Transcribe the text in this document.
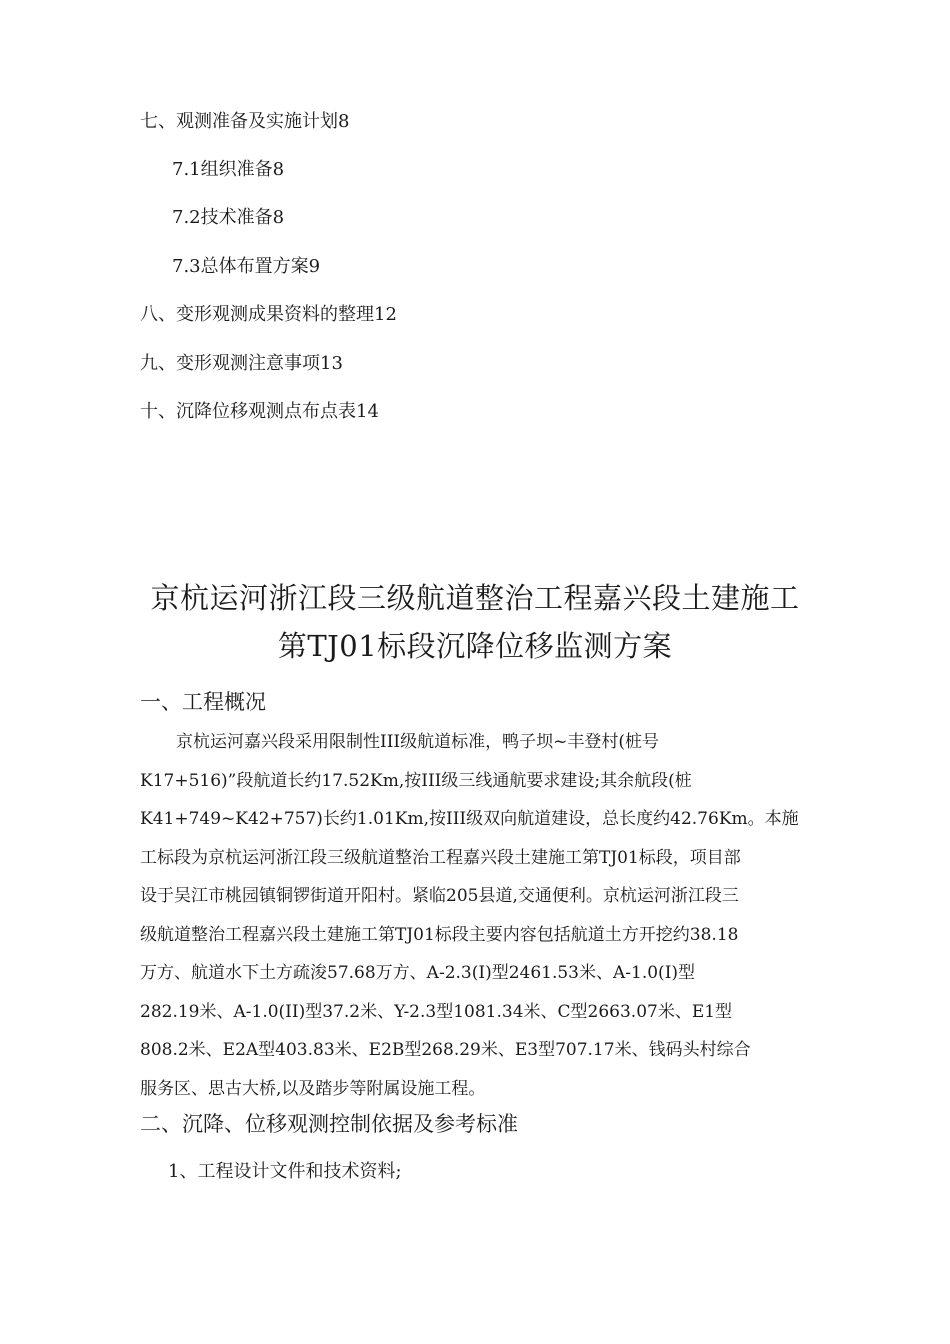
七、观测准备及实施计划8
7.1组织准备8
7.2技术准备8
7.3总体布置方案9
八、变形观测成果资料的整理12
九、变形观测注意事项13
十、沉降位移观测点布点表14
京杭运河浙江段三级航道整治工程嘉兴段土建施工
第TJ01标段沉降位移监测方案
一、工程概况
京杭运河嘉兴段采用限制性III级航道标准，鸭子坝~丰登村(桩号
K17+516)”段航道长约17.52Km,按III级三线通航要求建设;其余航段(桩
K41+749~K42+757)长约1.01Km,按III级双向航道建设，总长度约42.76Km。本施
工标段为京杭运河浙江段三级航道整治工程嘉兴段土建施工第TJ01标段，项目部
设于吴江市桃园镇铜锣街道开阳村。紧临205县道,交通便利。京杭运河浙江段三
级航道整治工程嘉兴段土建施工第TJ01标段主要内容包括航道土方开挖约38.18
万方、航道水下土方疏浚57.68万方、A-2.3(I)型2461.53米、A-1.0(I)型
282.19米、A-1.0(II)型37.2米、Y-2.3型1081.34米、C型2663.07米、E1型
808.2米、E2A型403.83米、E2B型268.29米、E3型707.17米、钱码头村综合
服务区、思古大桥,以及踏步等附属设施工程。
二、沉降、位移观测控制依据及参考标准
1、工程设计文件和技术资料;
